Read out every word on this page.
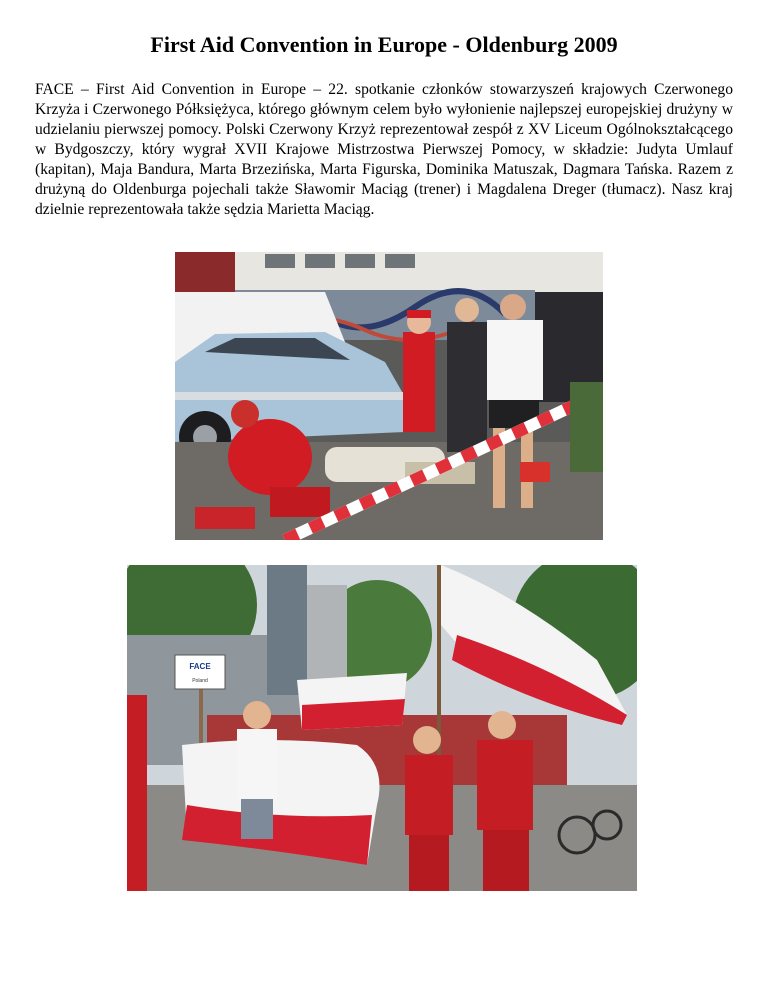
First Aid Convention in Europe - Oldenburg 2009

FACE – First Aid Convention in Europe – 22. spotkanie członków stowarzyszeń krajowych Czerwonego Krzyża i Czerwonego Półksiężyca, którego głównym celem było wyłonienie najlepszej europejskiej drużyny w udzielaniu pierwszej pomocy. Polski Czerwony Krzyż reprezentował zespół z XV Liceum Ogólnokształcącego w Bydgoszczy, który wygrał XVII Krajowe Mistrzostwa Pierwszej Pomocy, w składzie: Judyta Umlauf (kapitan), Maja Bandura, Marta Brzezińska, Marta Figurska, Dominika Matuszak, Dagmara Tańska. Razem z drużyną do Oldenburga pojechali także Sławomir Maciąg (trener) i Magdalena Dreger (tłumacz). Nasz kraj dzielnie reprezentowała także sędzia Marietta Maciąg.

FACE
Poland
